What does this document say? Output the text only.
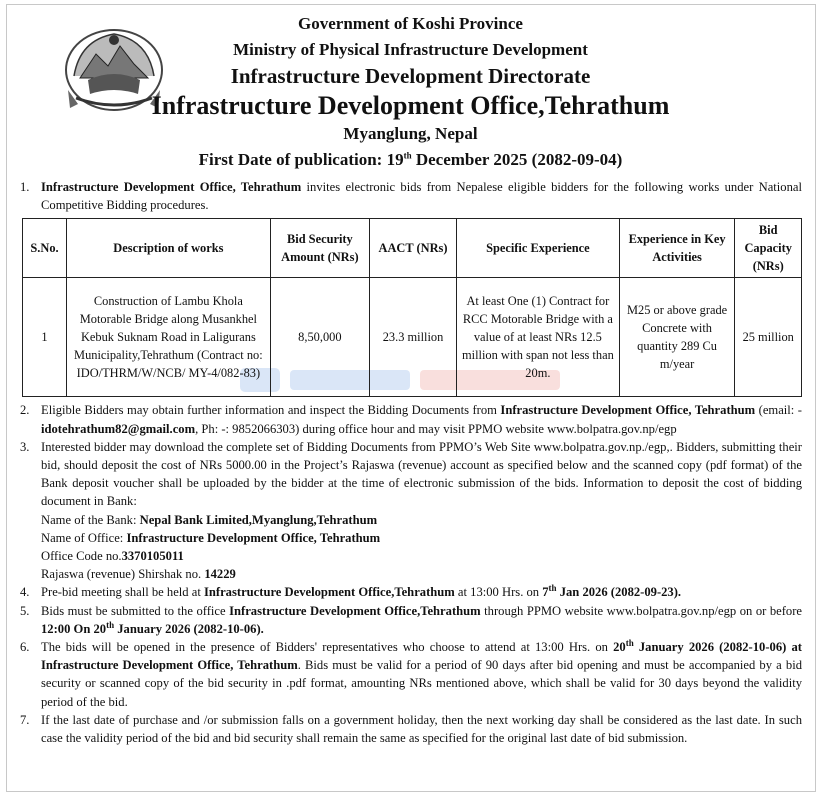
Government of Koshi Province
Ministry of Physical Infrastructure Development
Infrastructure Development Directorate
Infrastructure Development Office,Tehrathum
Myanglung, Nepal
First Date of publication: 19th December 2025 (2082-09-04)
1. Infrastructure Development Office, Tehrathum invites electronic bids from Nepalese eligible bidders for the following works under National Competitive Bidding procedures.
S.No.	Description of works	Bid Security Amount (NRs)	AACT (NRs)	Specific Experience	Experience in Key Activities	Bid Capacity (NRs)
1	Construction of Lambu Khola Motorable Bridge along Musankhel Kebuk Suknam Road in Laligurans Municipality,Tehrathum (Contract no: IDO/THRM/W/NCB/ MY-4/082-83)	8,50,000	23.3 million	At least One (1) Contract for RCC Motorable Bridge with a value of at least NRs 12.5 million with span not less than 20m.	M25 or above grade Concrete with quantity 289 Cu m/year	25 million
2. Eligible Bidders may obtain further information and inspect the Bidding Documents from Infrastructure Development Office, Tehrathum (email: - idotehrathum82@gmail.com, Ph: -: 9852066303) during office hour and may visit PPMO website www.bolpatra.gov.np/egp
3. Interested bidder may download the complete set of Bidding Documents from PPMO’s Web Site www.bolpatra.gov.np./egp,. Bidders, submitting their bid, should deposit the cost of NRs 5000.00 in the Project’s Rajaswa (revenue) account as specified below and the scanned copy (pdf format) of the Bank deposit voucher shall be uploaded by the bidder at the time of electronic submission of the bids. Information to deposit the cost of bidding document in Bank:
Name of the Bank: Nepal Bank Limited,Myanglung,Tehrathum
Name of Office: Infrastructure Development Office, Tehrathum
Office Code no.3370105011
Rajaswa (revenue) Shirshak no. 14229
4. Pre-bid meeting shall be held at Infrastructure Development Office,Tehrathum at 13:00 Hrs. on 7th Jan 2026 (2082-09-23).
5. Bids must be submitted to the office Infrastructure Development Office,Tehrathum through PPMO website www.bolpatra.gov.np/egp on or before 12:00 On 20th January 2026 (2082-10-06).
6. The bids will be opened in the presence of Bidders' representatives who choose to attend at 13:00 Hrs. on 20th January 2026 (2082-10-06) at Infrastructure Development Office, Tehrathum. Bids must be valid for a period of 90 days after bid opening and must be accompanied by a bid security or scanned copy of the bid security in .pdf format, amounting NRs mentioned above, which shall be valid for 30 days beyond the validity period of the bid.
7. If the last date of purchase and /or submission falls on a government holiday, then the next working day shall be considered as the last date. In such case the validity period of the bid and bid security shall remain the same as specified for the original last date of bid submission.
